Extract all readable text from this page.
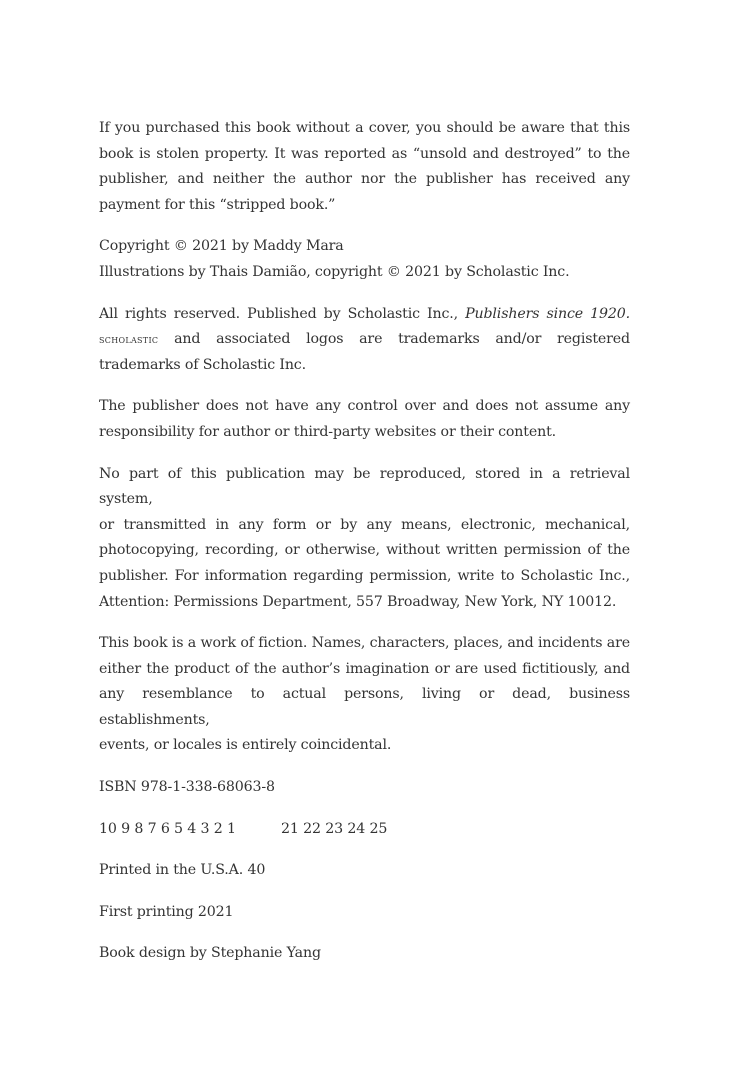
If you purchased this book without a cover, you should be aware that this
book is stolen property. It was reported as “unsold and destroyed” to the
publisher, and neither the author nor the publisher has received any
payment for this “stripped book.”

Copyright © 2021 by Maddy Mara
Illustrations by Thais Damião, copyright © 2021 by Scholastic Inc.

All rights reserved. Published by Scholastic Inc., Publishers since 1920.
scholastic and associated logos are trademarks and/or registered
trademarks of Scholastic Inc.

The publisher does not have any control over and does not assume any
responsibility for author or third-party websites or their content.

No part of this publication may be reproduced, stored in a retrieval system,
or transmitted in any form or by any means, electronic, mechanical,
photocopying, recording, or otherwise, without written permission of the
publisher. For information regarding permission, write to Scholastic Inc.,
Attention: Permissions Department, 557 Broadway, New York, NY 10012.

This book is a work of fiction. Names, characters, places, and incidents are
either the product of the author’s imagination or are used fictitiously, and
any resemblance to actual persons, living or dead, business establishments,
events, or locales is entirely coincidental.

ISBN 978-1-338-68063-8

10 9 8 7 6 5 4 3 2 1	21 22 23 24 25

Printed in the U.S.A. 40

First printing 2021

Book design by Stephanie Yang
